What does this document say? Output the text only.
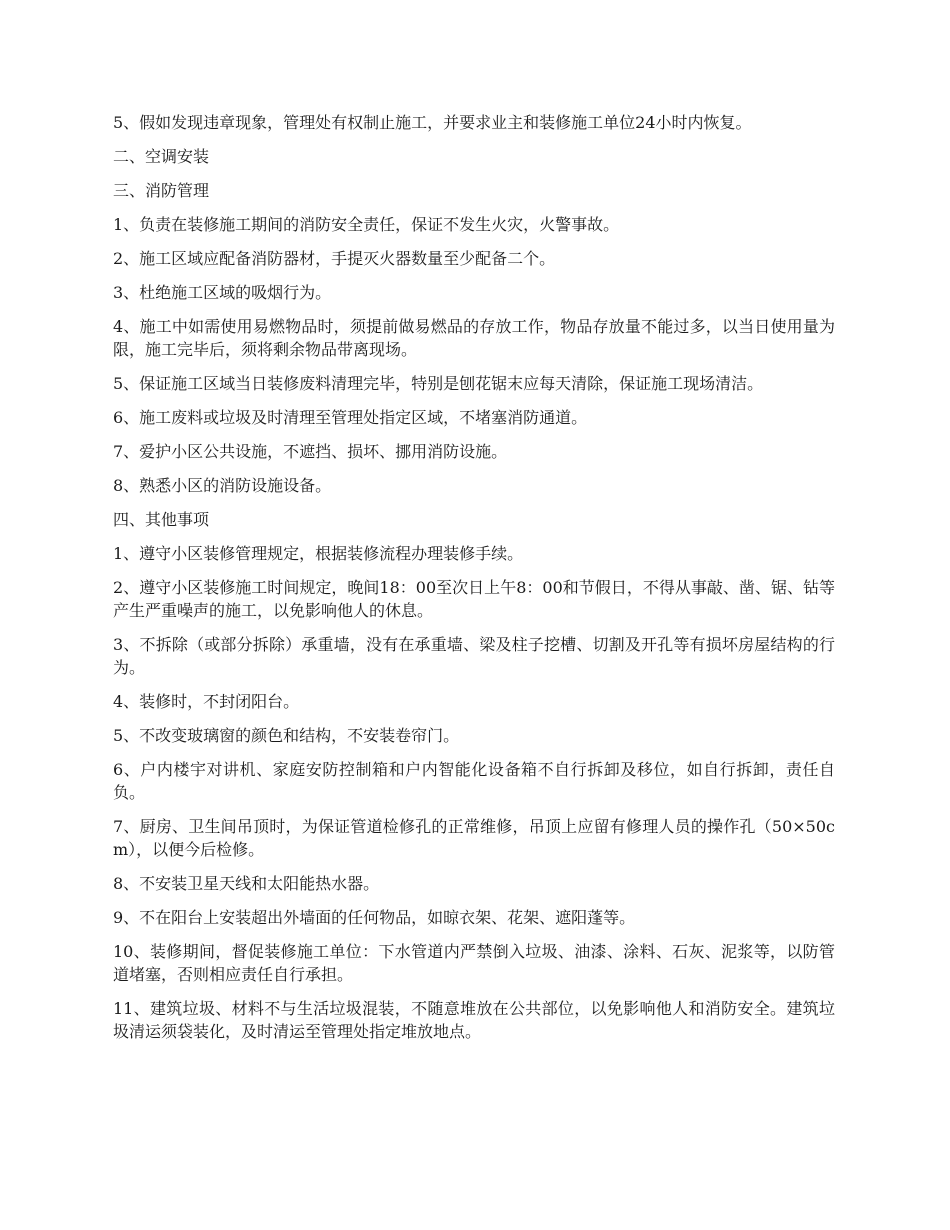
5、假如发现违章现象，管理处有权制止施工，并要求业主和装修施工单位24小时内恢复。

二、空调安装

三、消防管理

1、负责在装修施工期间的消防安全责任，保证不发生火灾，火警事故。

2、施工区域应配备消防器材，手提灭火器数量至少配备二个。

3、杜绝施工区域的吸烟行为。

4、施工中如需使用易燃物品时，须提前做易燃品的存放工作，物品存放量不能过多，以当日使用量为限，施工完毕后，须将剩余物品带离现场。

5、保证施工区域当日装修废料清理完毕，特别是刨花锯末应每天清除，保证施工现场清洁。

6、施工废料或垃圾及时清理至管理处指定区域，不堵塞消防通道。

7、爱护小区公共设施，不遮挡、损坏、挪用消防设施。

8、熟悉小区的消防设施设备。

四、其他事项

1、遵守小区装修管理规定，根据装修流程办理装修手续。

2、遵守小区装修施工时间规定，晚间18：00至次日上午8：00和节假日，不得从事敲、凿、锯、钻等产生严重噪声的施工，以免影响他人的休息。

3、不拆除（或部分拆除）承重墙，没有在承重墙、梁及柱子挖槽、切割及开孔等有损坏房屋结构的行为。

4、装修时，不封闭阳台。

5、不改变玻璃窗的颜色和结构，不安装卷帘门。

6、户内楼宇对讲机、家庭安防控制箱和户内智能化设备箱不自行拆卸及移位，如自行拆卸，责任自负。

7、厨房、卫生间吊顶时，为保证管道检修孔的正常维修，吊顶上应留有修理人员的操作孔（50×50cm），以便今后检修。

8、不安装卫星天线和太阳能热水器。

9、不在阳台上安装超出外墙面的任何物品，如晾衣架、花架、遮阳蓬等。

10、装修期间，督促装修施工单位：下水管道内严禁倒入垃圾、油漆、涂料、石灰、泥浆等，以防管道堵塞，否则相应责任自行承担。

11、建筑垃圾、材料不与生活垃圾混装，不随意堆放在公共部位，以免影响他人和消防安全。建筑垃圾清运须袋装化，及时清运至管理处指定堆放地点。
